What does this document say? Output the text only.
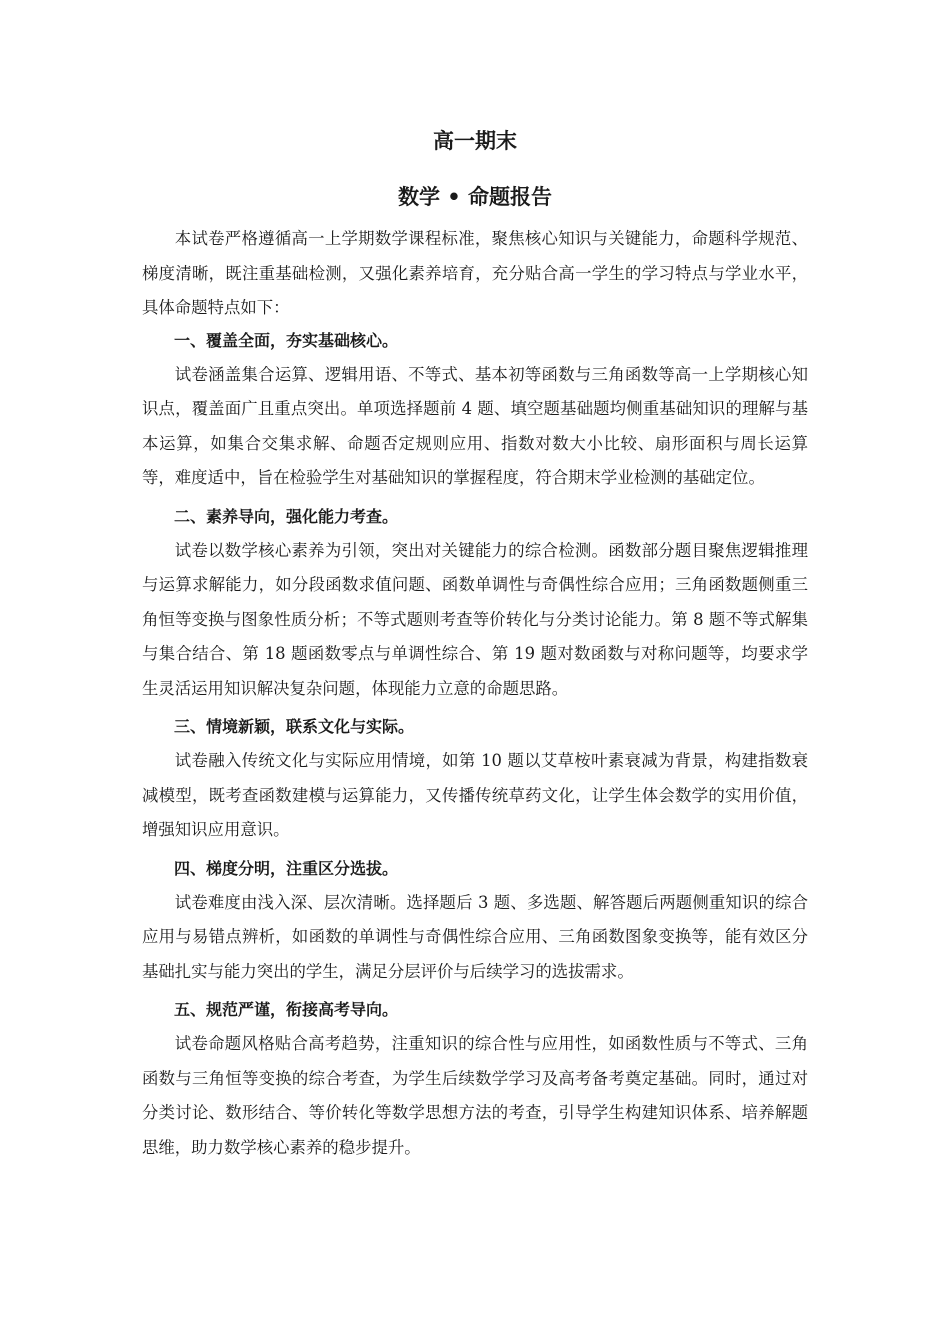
高一期末
数学 • 命题报告

本试卷严格遵循高一上学期数学课程标准，聚焦核心知识与关键能力，命题科学规范、梯度清晰，既注重基础检测，又强化素养培育，充分贴合高一学生的学习特点与学业水平，具体命题特点如下：

一、覆盖全面，夯实基础核心。

试卷涵盖集合运算、逻辑用语、不等式、基本初等函数与三角函数等高一上学期核心知识点，覆盖面广且重点突出。单项选择题前 4 题、填空题基础题均侧重基础知识的理解与基本运算，如集合交集求解、命题否定规则应用、指数对数大小比较、扇形面积与周长运算等，难度适中，旨在检验学生对基础知识的掌握程度，符合期末学业检测的基础定位。

二、素养导向，强化能力考查。

试卷以数学核心素养为引领，突出对关键能力的综合检测。函数部分题目聚焦逻辑推理与运算求解能力，如分段函数求值问题、函数单调性与奇偶性综合应用；三角函数题侧重三角恒等变换与图象性质分析；不等式题则考查等价转化与分类讨论能力。第 8 题不等式解集与集合结合、第 18 题函数零点与单调性综合、第 19 题对数函数与对称问题等，均要求学生灵活运用知识解决复杂问题，体现能力立意的命题思路。

三、情境新颖，联系文化与实际。

试卷融入传统文化与实际应用情境，如第 10 题以艾草桉叶素衰减为背景，构建指数衰减模型，既考查函数建模与运算能力，又传播传统草药文化，让学生体会数学的实用价值，增强知识应用意识。

四、梯度分明，注重区分选拔。

试卷难度由浅入深、层次清晰。选择题后 3 题、多选题、解答题后两题侧重知识的综合应用与易错点辨析，如函数的单调性与奇偶性综合应用、三角函数图象变换等，能有效区分基础扎实与能力突出的学生，满足分层评价与后续学习的选拔需求。

五、规范严谨，衔接高考导向。

试卷命题风格贴合高考趋势，注重知识的综合性与应用性，如函数性质与不等式、三角函数与三角恒等变换的综合考查，为学生后续数学学习及高考备考奠定基础。同时，通过对分类讨论、数形结合、等价转化等数学思想方法的考查，引导学生构建知识体系、培养解题思维，助力数学核心素养的稳步提升。
